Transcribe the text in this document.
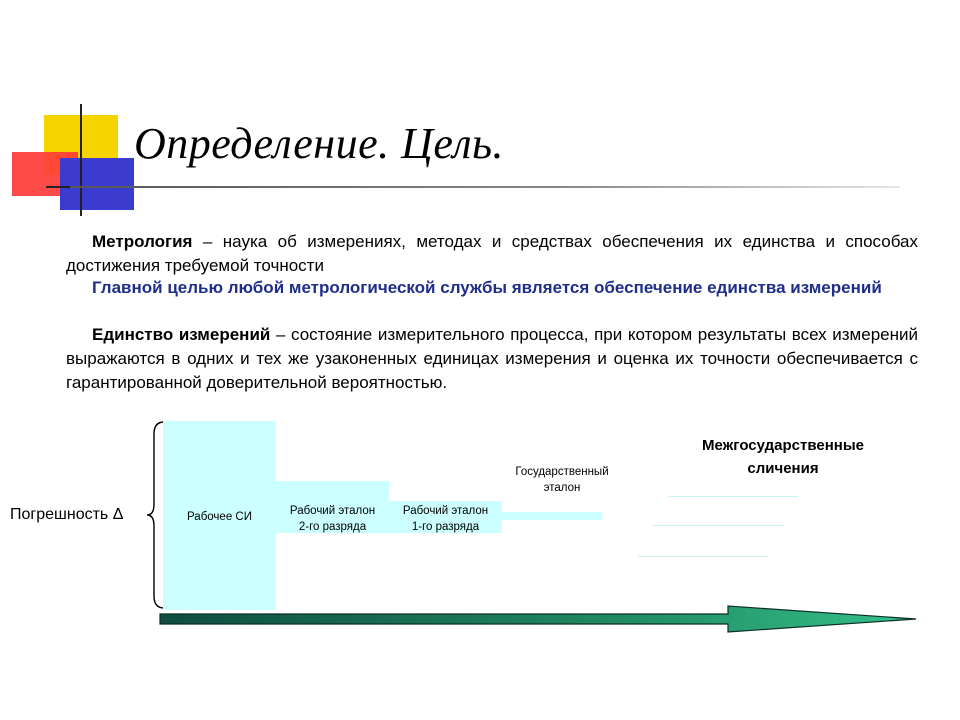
Определение. Цель.
Метрология – наука об измерениях, методах и средствах обеспечения их единства и способах достижения требуемой точности
Главной целью любой метрологической службы является обеспечение единства измерений
Единство измерений – состояние измерительного процесса, при котором результаты всех измерений выражаются в одних и тех же узаконенных единицах измерения и оценка их точности обеспечивается с гарантированной доверительной вероятностью.
Погрешность Δ	Рабочее СИ	Рабочий эталон
2-го разряда
Рабочий эталон
1-го разряда
Государственный
эталон
Межгосударственные
сличения
